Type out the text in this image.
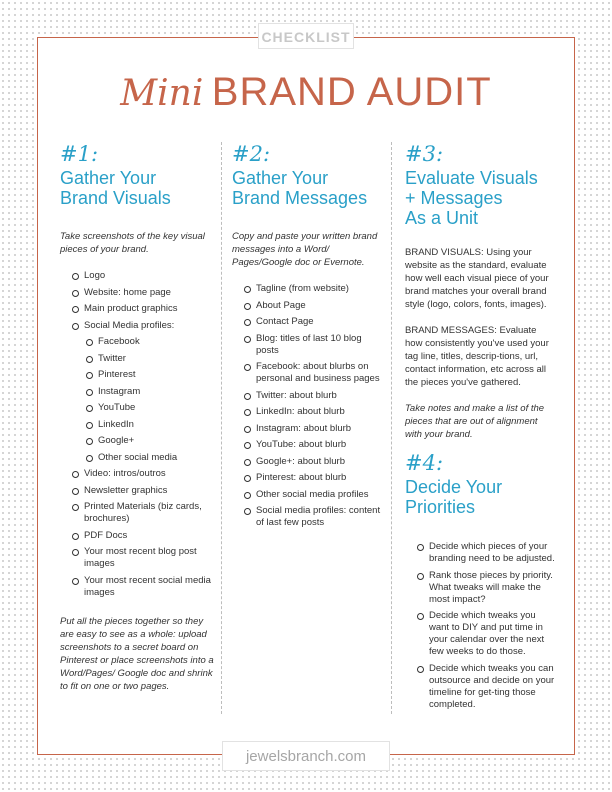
CHECKLIST
Mini BRAND AUDIT
#1:
Gather Your
Brand Visuals

Take screenshots of the key visual pieces of your brand.

Logo
Website: home page
Main product graphics
Social Media profiles:
Facebook
Twitter
Pinterest
Instagram
YouTube
LinkedIn
Google+
Other social media
Video: intros/outros
Newsletter graphics
Printed Materials (biz cards, brochures)
PDF Docs
Your most recent blog post images
Your most recent social media images

Put all the pieces together so they are easy to see as a whole: upload screenshots to a secret board on Pinterest or place screenshots into a Word/Pages/ Google doc and shrink to fit on one or two pages.

#2:
Gather Your
Brand Messages

Copy and paste your written brand messages into a Word/ Pages/Google doc or Evernote.

Tagline (from website)
About Page
Contact Page
Blog: titles of last 10 blog posts
Facebook: about blurbs on personal and business pages
Twitter: about blurb
LinkedIn: about blurb
Instagram: about blurb
YouTube: about blurb
Google+: about blurb
Pinterest: about blurb
Other social media profiles
Social media profiles: content of last few posts
#3:
Evaluate Visuals
+ Messages
As a Unit

BRAND VISUALS: Using your website as the standard, evaluate how well each visual piece of your brand matches your overall brand style (logo, colors, fonts, images).

BRAND MESSAGES: Evaluate how consistently you've used your tag line, titles, descrip-tions, url, contact information, etc across all the pieces you've gathered.

Take notes and make a list of the pieces that are out of alignment with your brand.

#4:
Decide Your
Priorities
Decide which pieces of your branding need to be adjusted.
Rank those pieces by priority. What tweaks will make the most impact?
Decide which tweaks you want to DIY and put time in your calendar over the next few weeks to do those.
Decide which tweaks you can outsource and decide on your timeline for get-ting those completed.
jewelsbranch.com
